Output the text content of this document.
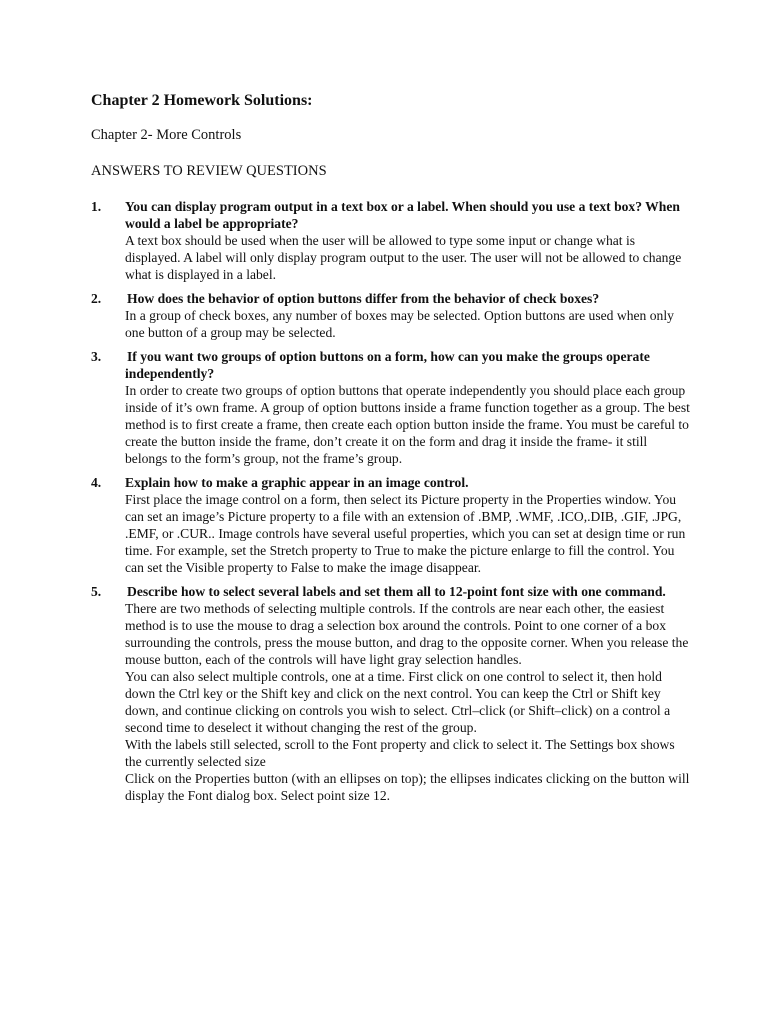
Chapter 2 Homework Solutions:

Chapter 2- More Controls

ANSWERS TO REVIEW QUESTIONS

1. You can display program output in a text box or a label. When should you use a text box? When would a label be appropriate?

A text box should be used when the user will be allowed to type some input or change what is displayed. A label will only display program output to the user. The user will not be allowed to change what is displayed in a label.

2. How does the behavior of option buttons differ from the behavior of check boxes?

In a group of check boxes, any number of boxes may be selected. Option buttons are used when only one button of a group may be selected.

3. If you want two groups of option buttons on a form, how can you make the groups operate independently?

In order to create two groups of option buttons that operate independently you should place each group inside of it’s own frame. A group of option buttons inside a frame function together as a group. The best method is to first create a frame, then create each option button inside the frame. You must be careful to create the button inside the frame, don’t create it on the form and drag it inside the frame- it still belongs to the form’s group, not the frame’s group.

4. Explain how to make a graphic appear in an image control.

First place the image control on a form, then select its Picture property in the Properties window. You can set an image’s Picture property to a file with an extension of .BMP, .WMF, .ICO,.DIB, .GIF, .JPG, .EMF, or .CUR.. Image controls have several useful properties, which you can set at design time or run time. For example, set the Stretch property to True to make the picture enlarge to fill the control. You can set the Visible property to False to make the image disappear.

5. Describe how to select several labels and set them all to 12-point font size with one command.

There are two methods of selecting multiple controls. If the controls are near each other, the easiest method is to use the mouse to drag a selection box around the controls. Point to one corner of a box surrounding the controls, press the mouse button, and drag to the opposite corner. When you release the mouse button, each of the controls will have light gray selection handles.

You can also select multiple controls, one at a time. First click on one control to select it, then hold down the Ctrl key or the Shift key and click on the next control. You can keep the Ctrl or Shift key down, and continue clicking on controls you wish to select. Ctrl–click (or Shift–click) on a control a second time to deselect it without changing the rest of the group.

With the labels still selected, scroll to the Font property and click to select it. The Settings box shows the currently selected size

Click on the Properties button (with an ellipses on top); the ellipses indicates clicking on the button will display the Font dialog box. Select point size 12.
